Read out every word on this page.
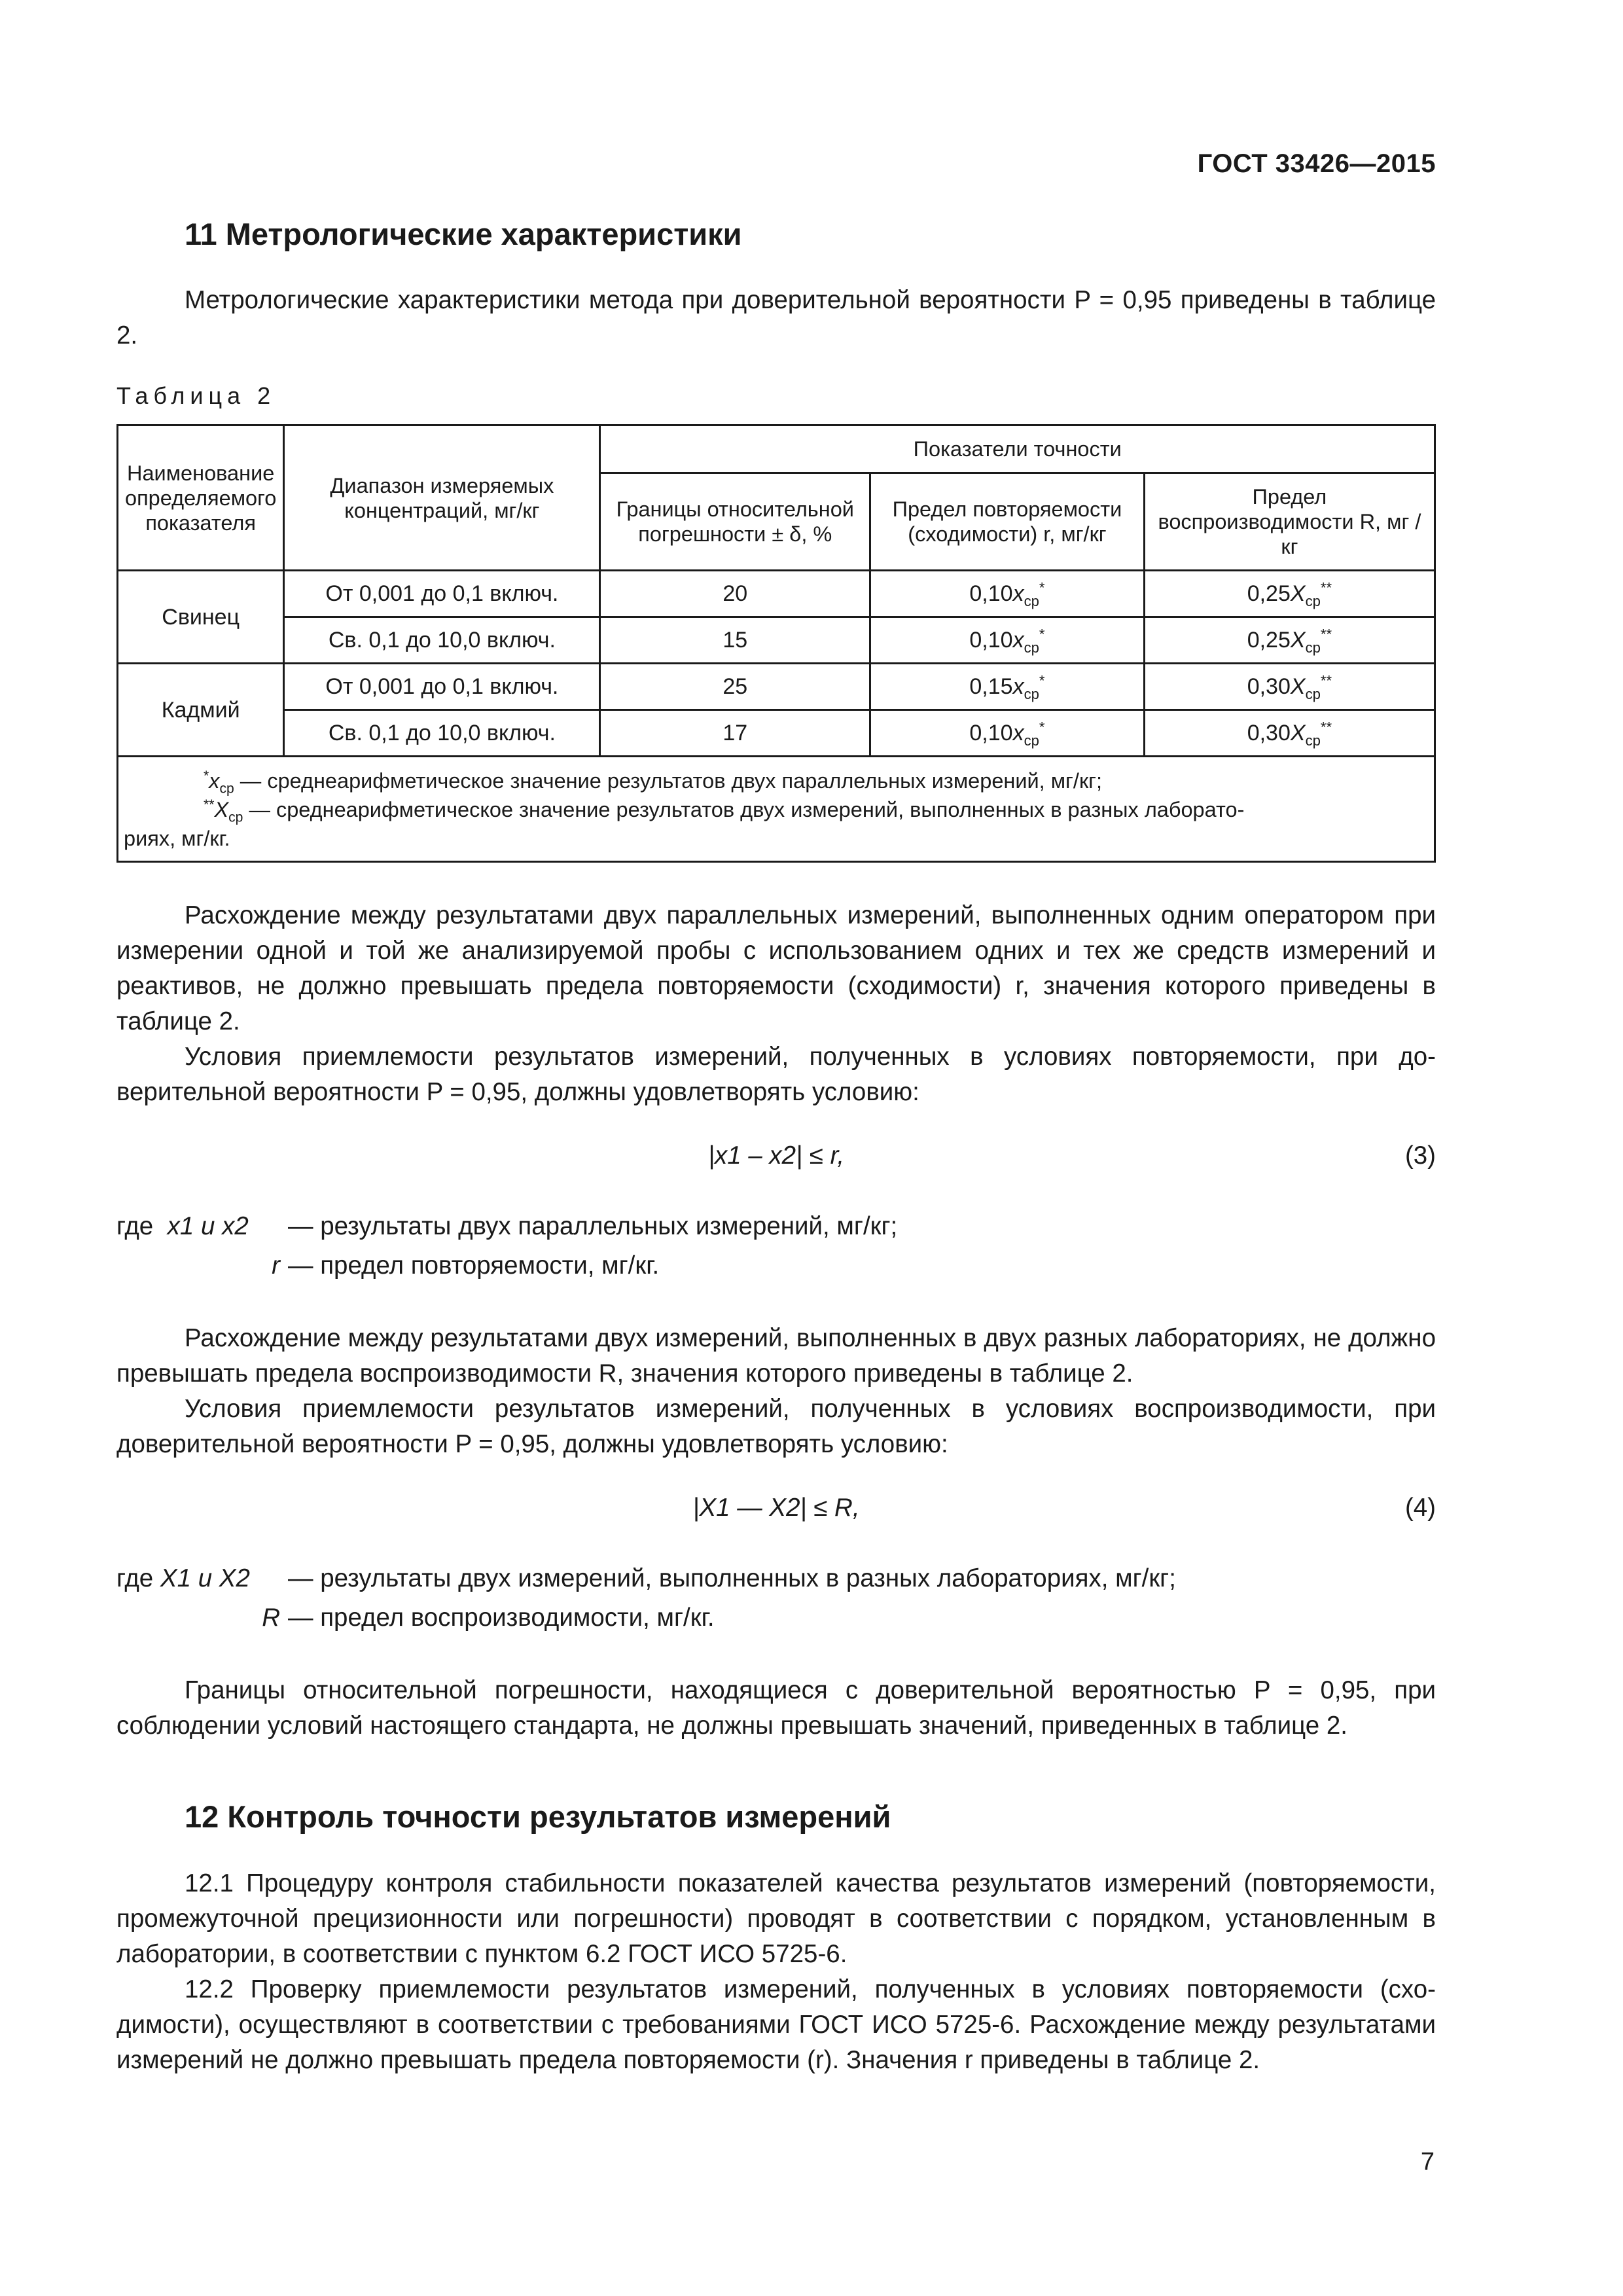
ГОСТ 33426—2015
11 Метрологические характеристики

Метрологические характеристики метода при доверительной вероятности P = 0,95 приведены в таблице 2.

Таблица 2
Наименование определяемого показателя	Диапазон измеряемых концентраций, мг/кг	Показатели точности		
		Границы относительной погрешности ± δ, %	Предел повторяемости (сходимости) r, мг/кг	Предел воспроизводимости R, мг /кг
Свинец	От 0,001 до 0,1 включ.	20	$0,10x_{ср}^*$	$0,25X_{ср}^{**}$
	Св. 0,1 до 10,0 включ.	15	$0,10x_{ср}^*$	$0,25X_{ср}^{**}$
Кадмий	От 0,001 до 0,1 включ.	25	$0,15x_{ср}^*$	$0,30X_{ср}^{**}$
	Св. 0,1 до 10,0 включ.	17	$0,10x_{ср}^*$	$0,30X_{ср}^{**}$

$^*x_{ср}$ — среднеарифметическое значение результатов двух параллельных измерений, мг/кг;
$^{**}X_{ср}$ — среднеарифметическое значение результатов двух измерений, выполненных в разных лаборато-
риях, мг/кг.				

Расхождение между результатами двух параллельных измерений, выполненных одним оператором при измерении одной и той же анализируемой пробы с использованием одних и тех же средств измерений и реактивов, не должно превышать предела повторяемости (сходимости) r, значения которого приведены в таблице 2.

Условия приемлемости результатов измерений, полученных в условиях повторяемости, при доверительной вероятности P = 0,95, должны удовлетворять условию:

|x1 – x2| ≤ r,	(3)
где x1 и x2	— результаты двух параллельных измерений, мг/кг;
r — предел повторяемости, мг/кг.

Расхождение между результатами двух измерений, выполненных в двух разных лабораториях, не должно превышать предела воспроизводимости R, значения которого приведены в таблице 2.

Условия приемлемости результатов измерений, полученных в условиях воспроизводимости, при доверительной вероятности P = 0,95, должны удовлетворять условию:

|X1 — X2| ≤ R,	(4)
где X1 и X2	— результаты двух измерений, выполненных в разных лабораториях, мг/кг;
R — предел воспроизводимости, мг/кг.

Границы относительной погрешности, находящиеся с доверительной вероятностью P = 0,95, при соблюдении условий настоящего стандарта, не должны превышать значений, приведенных в таблице 2.

12 Контроль точности результатов измерений

12.1 Процедуру контроля стабильности показателей качества результатов измерений (повторяемости, промежуточной прецизионности или погрешности) проводят в соответствии с порядком, установленным в лаборатории, в соответствии с пунктом 6.2 ГОСТ ИСО 5725-6.

12.2 Проверку приемлемости результатов измерений, полученных в условиях повторяемости (сходимости), осуществляют в соответствии с требованиями ГОСТ ИСО 5725-6. Расхождение между результатами измерений не должно превышать предела повторяемости (r). Значения r приведены в таблице 2.

7
